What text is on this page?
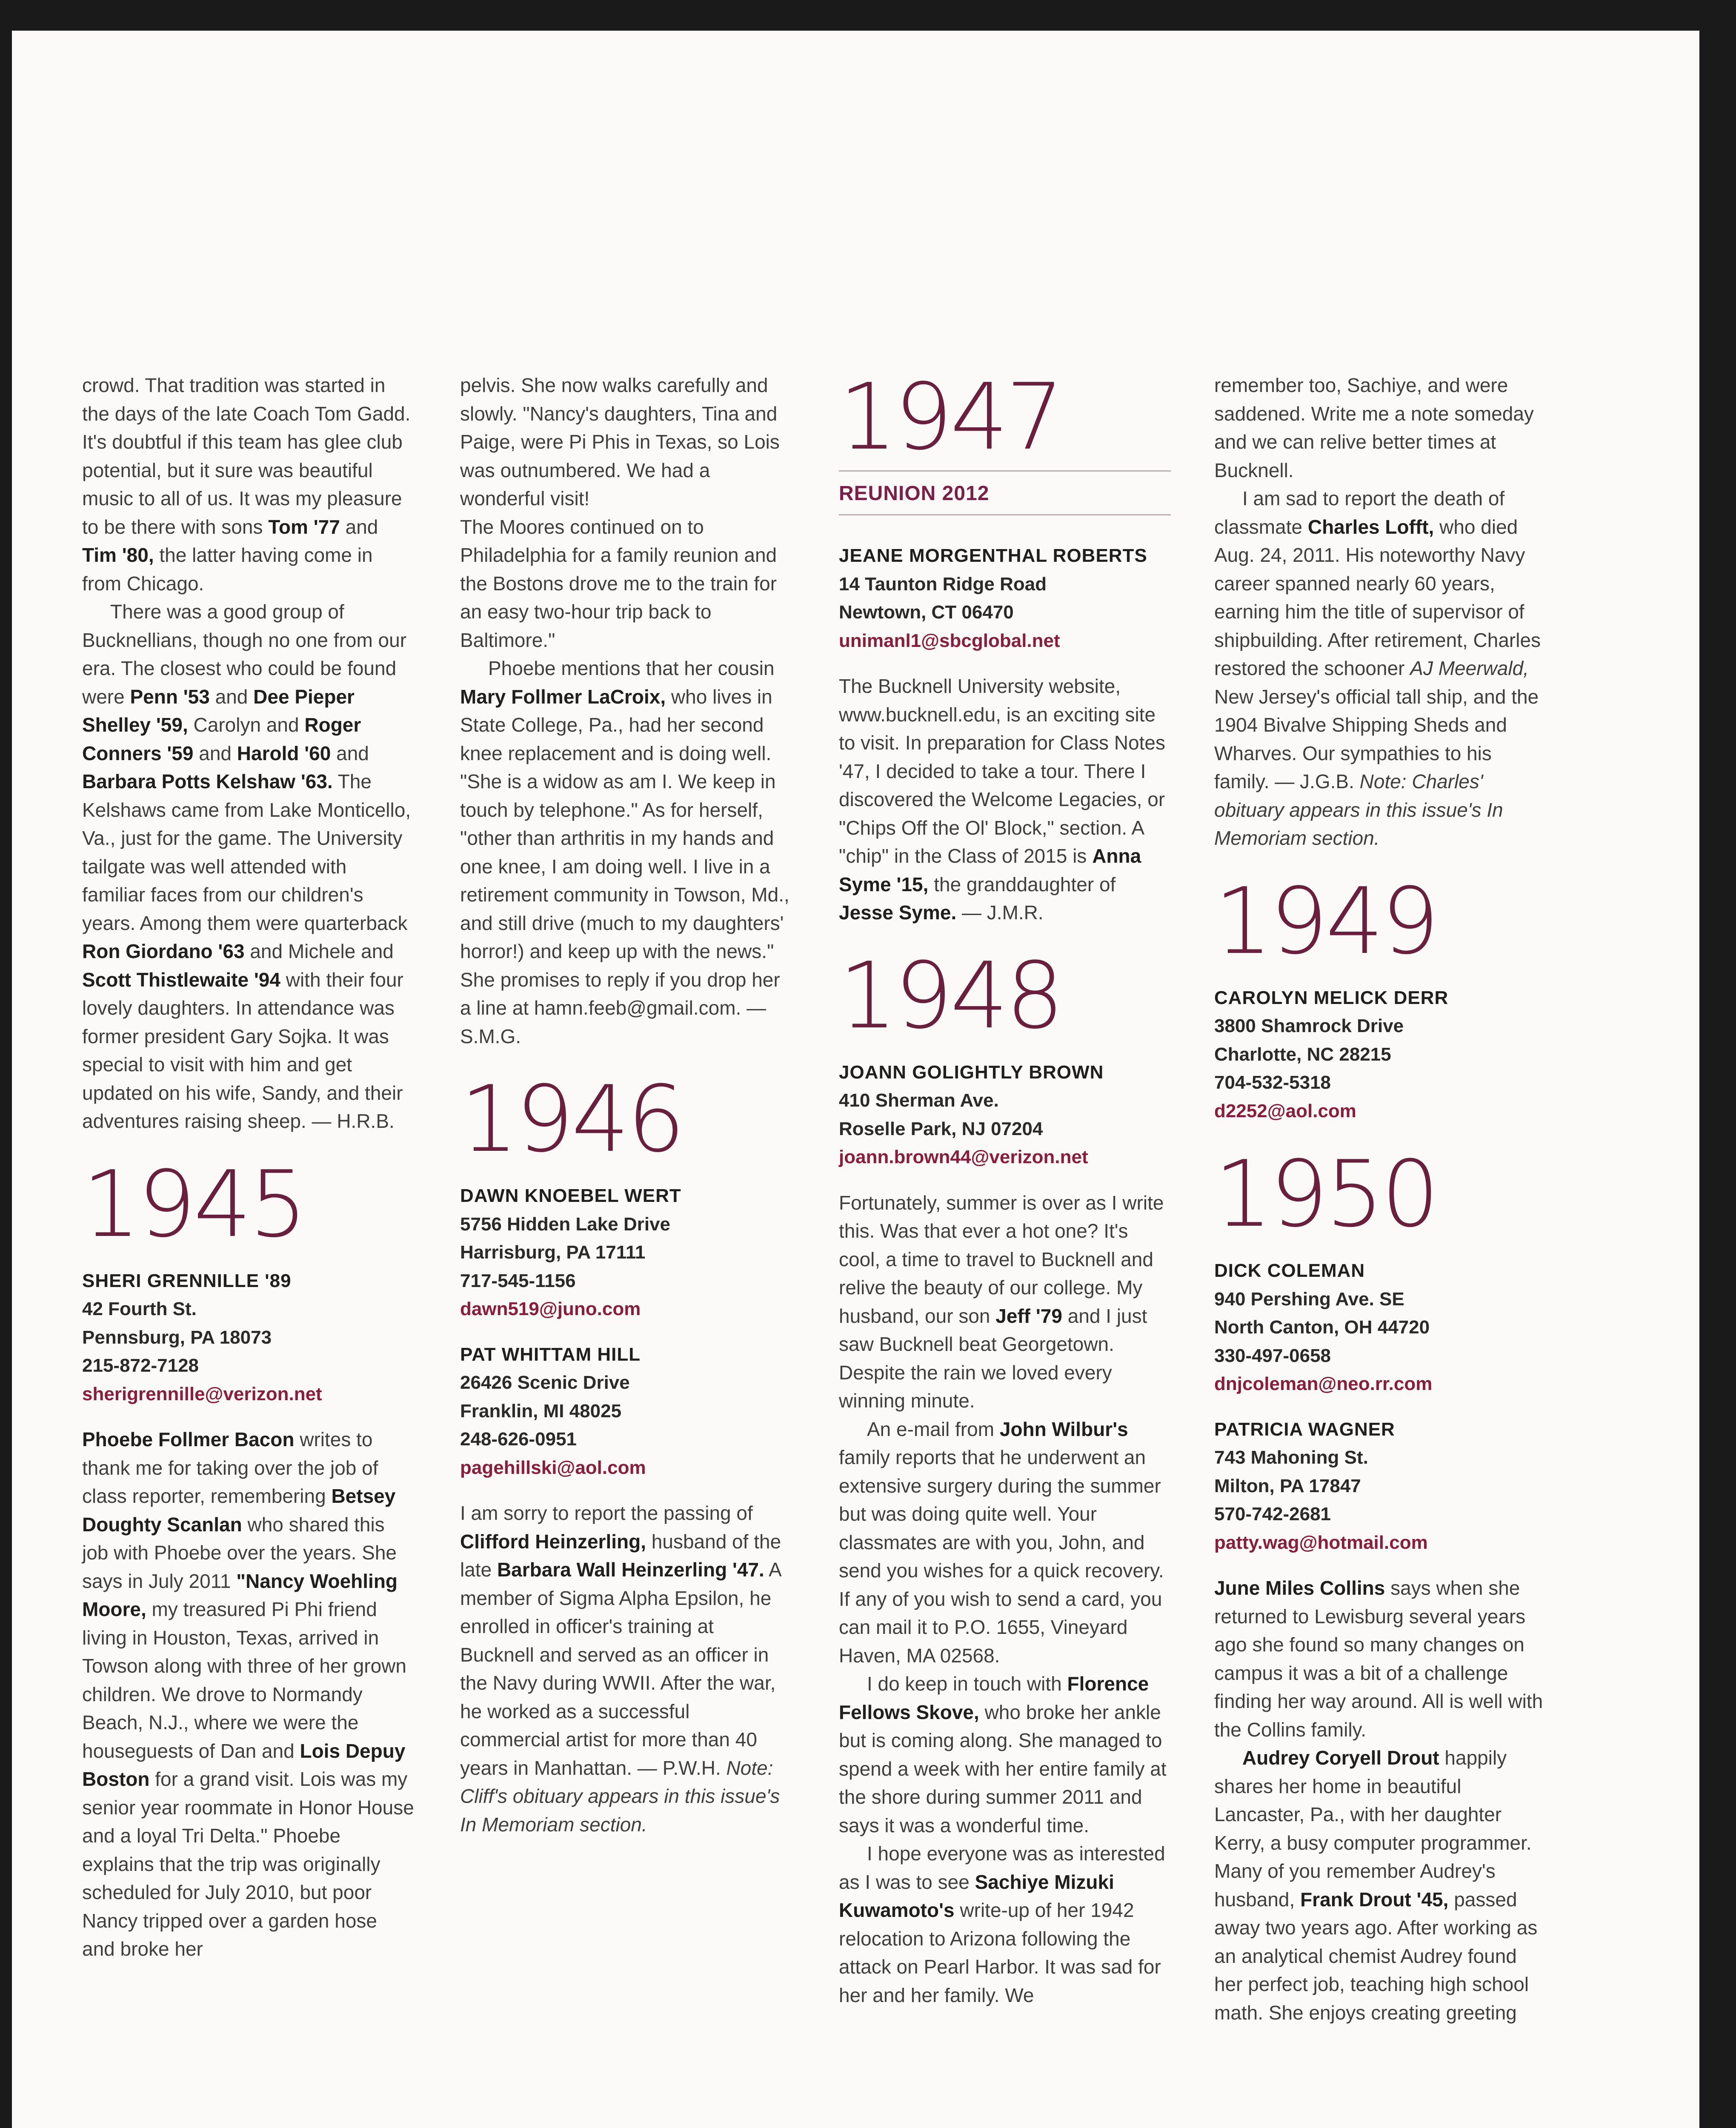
crowd. That tradition was started in the days of the late Coach Tom Gadd. It's doubtful if this team has glee club potential, but it sure was beautiful music to all of us. It was my pleasure to be there with sons Tom '77 and Tim '80, the latter having come in from Chicago.

There was a good group of Bucknellians, though no one from our era. The closest who could be found were Penn '53 and Dee Pieper Shelley '59, Carolyn and Roger Conners '59 and Harold '60 and Barbara Potts Kelshaw '63. The Kelshaws came from Lake Monticello, Va., just for the game. The University tailgate was well attended with familiar faces from our children's years. Among them were quarterback Ron Giordano '63 and Michele and Scott Thistlewaite '94 with their four lovely daughters. In attendance was former president Gary Sojka. It was special to visit with him and get updated on his wife, Sandy, and their adventures raising sheep. — H.R.B.

1945
SHERI GRENNILLE '89
42 Fourth St.
Pennsburg, PA 18073
215-872-7128
sherigrennille@verizon.net

Phoebe Follmer Bacon writes to thank me for taking over the job of class reporter, remembering Betsey Doughty Scanlan who shared this job with Phoebe over the years. She says in July 2011 "Nancy Woehling Moore, my treasured Pi Phi friend living in Houston, Texas, arrived in Towson along with three of her grown children. We drove to Normandy Beach, N.J., where we were the houseguests of Dan and Lois Depuy Boston for a grand visit. Lois was my senior year roommate in Honor House and a loyal Tri Delta." Phoebe explains that the trip was originally scheduled for July 2010, but poor Nancy tripped over a garden hose and broke her

pelvis. She now walks carefully and slowly. "Nancy's daughters, Tina and Paige, were Pi Phis in Texas, so Lois was outnumbered. We had a wonderful visit!

The Moores continued on to Philadelphia for a family reunion and the Bostons drove me to the train for an easy two-hour trip back to Baltimore."

Phoebe mentions that her cousin Mary Follmer LaCroix, who lives in State College, Pa., had her second knee replacement and is doing well. "She is a widow as am I. We keep in touch by telephone." As for herself, "other than arthritis in my hands and one knee, I am doing well. I live in a retirement community in Towson, Md., and still drive (much to my daughters' horror!) and keep up with the news." She promises to reply if you drop her a line at hamn.feeb@gmail.com. — S.M.G.

1946
DAWN KNOEBEL WERT
5756 Hidden Lake Drive
Harrisburg, PA 17111
717-545-1156
dawn519@juno.com
PAT WHITTAM HILL
26426 Scenic Drive
Franklin, MI 48025
248-626-0951
pagehillski@aol.com

I am sorry to report the passing of Clifford Heinzerling, husband of the late Barbara Wall Heinzerling '47. A member of Sigma Alpha Epsilon, he enrolled in officer's training at Bucknell and served as an officer in the Navy during WWII. After the war, he worked as a successful commercial artist for more than 40 years in Manhattan. — P.W.H. Note: Cliff's obituary appears in this issue's In Memoriam section.

1947
REUNION 2012
JEANE MORGENTHAL ROBERTS
14 Taunton Ridge Road
Newtown, CT 06470
unimanl1@sbcglobal.net

The Bucknell University website, www.bucknell.edu, is an exciting site to visit. In preparation for Class Notes '47, I decided to take a tour. There I discovered the Welcome Legacies, or "Chips Off the Ol' Block," section. A "chip" in the Class of 2015 is Anna Syme '15, the granddaughter of Jesse Syme. — J.M.R.

1948
JOANN GOLIGHTLY BROWN
410 Sherman Ave.
Roselle Park, NJ 07204
joann.brown44@verizon.net

Fortunately, summer is over as I write this. Was that ever a hot one? It's cool, a time to travel to Bucknell and relive the beauty of our college. My husband, our son Jeff '79 and I just saw Bucknell beat Georgetown. Despite the rain we loved every winning minute.

An e-mail from John Wilbur's family reports that he underwent an extensive surgery during the summer but was doing quite well. Your classmates are with you, John, and send you wishes for a quick recovery. If any of you wish to send a card, you can mail it to P.O. 1655, Vineyard Haven, MA 02568.

I do keep in touch with Florence Fellows Skove, who broke her ankle but is coming along. She managed to spend a week with her entire family at the shore during summer 2011 and says it was a wonderful time.

I hope everyone was as interested as I was to see Sachiye Mizuki Kuwamoto's write-up of her 1942 relocation to Arizona following the attack on Pearl Harbor. It was sad for her and her family. We

remember too, Sachiye, and were saddened. Write me a note someday and we can relive better times at Bucknell.

I am sad to report the death of classmate Charles Lofft, who died Aug. 24, 2011. His noteworthy Navy career spanned nearly 60 years, earning him the title of supervisor of shipbuilding. After retirement, Charles restored the schooner AJ Meerwald, New Jersey's official tall ship, and the 1904 Bivalve Shipping Sheds and Wharves. Our sympathies to his family. — J.G.B. Note: Charles' obituary appears in this issue's In Memoriam section.

1949
CAROLYN MELICK DERR
3800 Shamrock Drive
Charlotte, NC 28215
704-532-5318
d2252@aol.com
1950
DICK COLEMAN
940 Pershing Ave. SE
North Canton, OH 44720
330-497-0658
dnjcoleman@neo.rr.com
PATRICIA WAGNER
743 Mahoning St.
Milton, PA 17847
570-742-2681
patty.wag@hotmail.com

June Miles Collins says when she returned to Lewisburg several years ago she found so many changes on campus it was a bit of a challenge finding her way around. All is well with the Collins family.

Audrey Coryell Drout happily shares her home in beautiful Lancaster, Pa., with her daughter Kerry, a busy computer programmer. Many of you remember Audrey's husband, Frank Drout '45, passed away two years ago. After working as an analytical chemist Audrey found her perfect job, teaching high school math. She enjoys creating greeting
